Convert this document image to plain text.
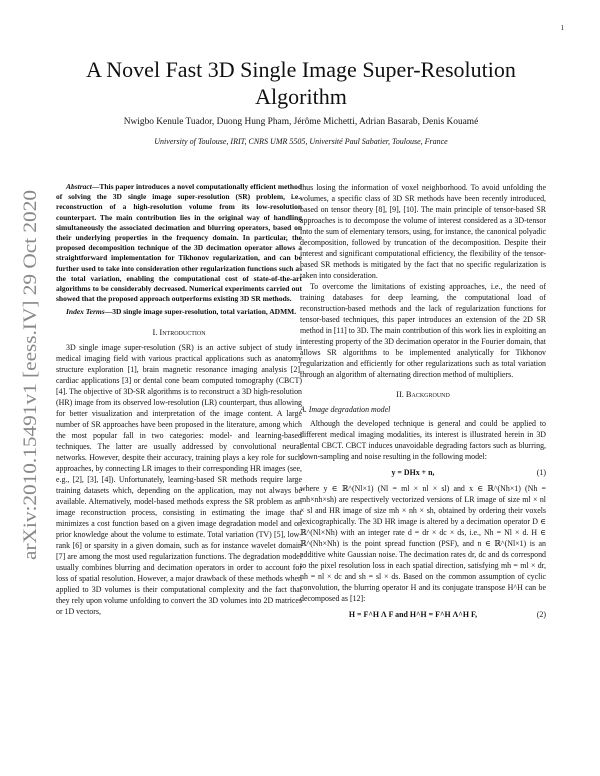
1
arXiv:2010.15491v1 [eess.IV] 29 Oct 2020
A Novel Fast 3D Single Image Super-Resolution Algorithm
Nwigbo Kenule Tuador, Duong Hung Pham, Jérôme Michetti, Adrian Basarab, Denis Kouamé
University of Toulouse, IRIT, CNRS UMR 5505, Université Paul Sabatier, Toulouse, France

Abstract—This paper introduces a novel computationally efficient method of solving the 3D single image super-resolution (SR) problem, i.e., reconstruction of a high-resolution volume from its low-resolution counterpart. The main contribution lies in the original way of handling simultaneously the associated decimation and blurring operators, based on their underlying properties in the frequency domain. In particular, the proposed decomposition technique of the 3D decimation operator allows a straightforward implementation for Tikhonov regularization, and can be further used to take into consideration other regularization functions such as the total variation, enabling the computational cost of state-of-the-art algorithms to be considerably decreased. Numerical experiments carried out showed that the proposed approach outperforms existing 3D SR methods.

Index Terms—3D single image super-resolution, total variation, ADMM.

I. Introduction

3D single image super-resolution (SR) is an active subject of study in medical imaging field with various practical applications such as anatomy structure exploration [1], brain magnetic resonance imaging analysis [2], cardiac applications [3] or dental cone beam computed tomography (CBCT) [4]. The objective of 3D-SR algorithms is to reconstruct a 3D high-resolution (HR) image from its observed low-resolution (LR) counterpart, thus allowing for better visualization and interpretation of the image content. A large number of SR approaches have been proposed in the literature, among which the most popular fall in two categories: model- and learning-based techniques. The latter are usually addressed by convolutional neural networks. However, despite their accuracy, training plays a key role for such approaches, by connecting LR images to their corresponding HR images (see, e.g., [2], [3], [4]). Unfortunately, learning-based SR methods require large training datasets which, depending on the application, may not always be available. Alternatively, model-based methods express the SR problem as an image reconstruction process, consisting in estimating the image that minimizes a cost function based on a given image degradation model and on prior knowledge about the volume to estimate. Total variation (TV) [5], low-rank [6] or sparsity in a given domain, such as for instance wavelet domain [7] are among the most used regularization functions. The degradation model usually combines blurring and decimation operators in order to account for loss of spatial resolution. However, a major drawback of these methods when applied to 3D volumes is their computational complexity and the fact that they rely upon volume unfolding to convert the 3D volumes into 2D matrices or 1D vectors,

thus losing the information of voxel neighborhood. To avoid unfolding the volumes, a specific class of 3D SR methods have been recently introduced, based on tensor theory [8], [9], [10]. The main principle of tensor-based SR approaches is to decompose the volume of interest considered as a 3D-tensor into the sum of elementary tensors, using, for instance, the canonical polyadic decomposition, followed by truncation of the decomposition. Despite their interest and significant computational efficiency, the flexibility of the tensor-based SR methods is mitigated by the fact that no specific regularization is taken into consideration.

To overcome the limitations of existing approaches, i.e., the need of training databases for deep learning, the computational load of reconstruction-based methods and the lack of regularization functions for tensor-based techniques, this paper introduces an extension of the 2D SR method in [11] to 3D. The main contribution of this work lies in exploiting an interesting property of the 3D decimation operator in the Fourier domain, that allows SR algorithms to be implemented analytically for Tikhonov regularization and efficiently for other regularizations such as total variation through an algorithm of alternating direction method of multipliers.

II. Background

A. Image degradation model

Although the developed technique is general and could be applied to different medical imaging modalities, its interest is illustrated herein in 3D dental CBCT. CBCT induces unavoidable degrading factors such as blurring, down-sampling and noise resulting in the following model:

y = DHx + n,	(1)

where y ∈ ℝ^(Nl×1) (Nl = ml × nl × sl) and x ∈ ℝ^(Nh×1) (Nh = mh×nh×sh) are respectively vectorized versions of LR image of size ml × nl × sl and HR image of size mh × nh × sh, obtained by ordering their voxels lexicographically. The 3D HR image is altered by a decimation operator D ∈ ℝ^(Nl×Nh) with an integer rate d = dr × dc × ds, i.e., Nh = Nl × d. H ∈ ℝ^(Nh×Nh) is the point spread function (PSF), and n ∈ ℝ^(Nl×1) is an additive white Gaussian noise. The decimation rates dr, dc and ds correspond to the pixel resolution loss in each spatial direction, satisfying mh = ml × dr, nh = nl × dc and sh = sl × ds. Based on the common assumption of cyclic convolution, the blurring operator H and its conjugate transpose H^H can be decomposed as [12]:

H = F^H Λ F and H^H = F^H Λ^H F,	(2)
